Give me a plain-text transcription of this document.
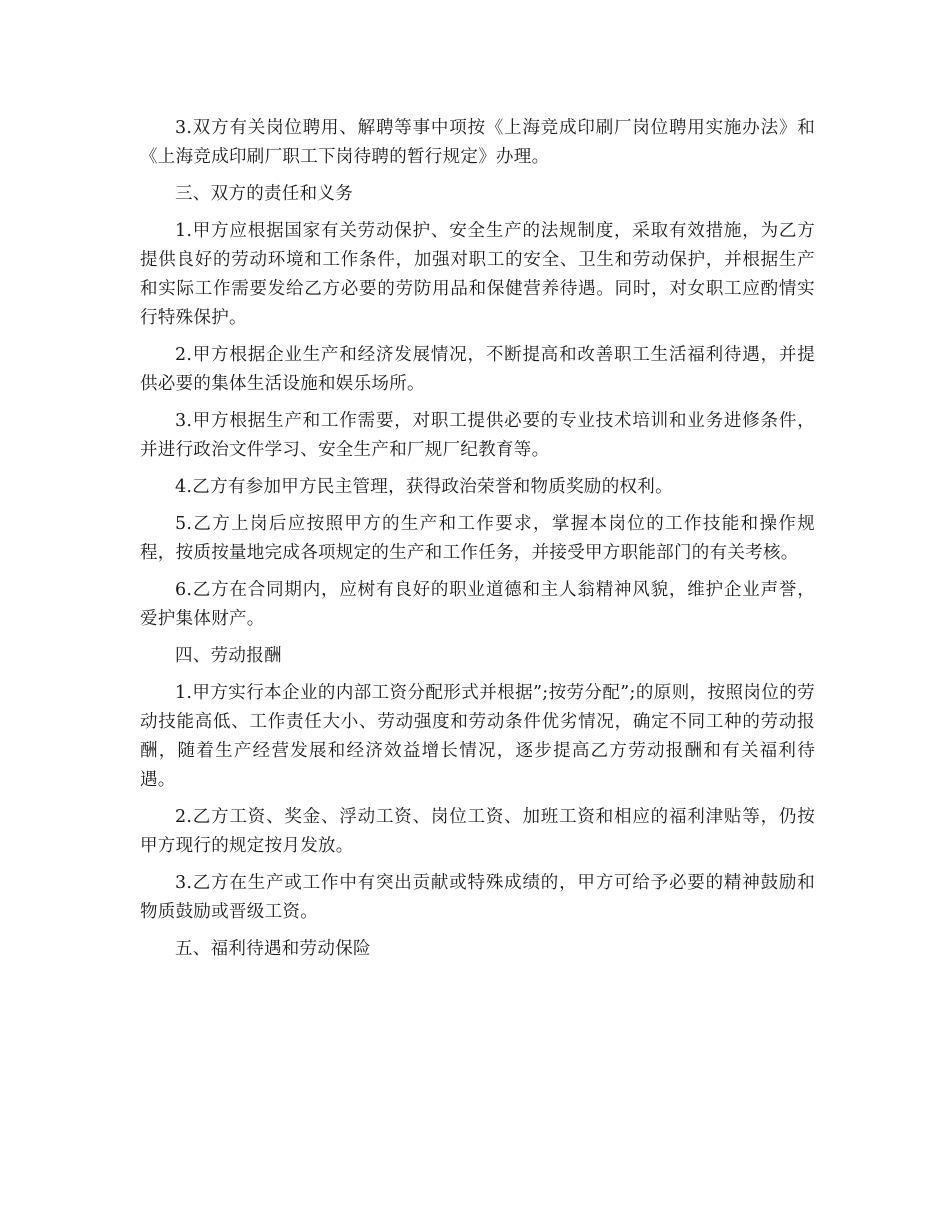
3.双方有关岗位聘用、解聘等事中项按《上海竞成印刷厂岗位聘用实施办法》和《上海竞成印刷厂职工下岗待聘的暂行规定》办理。

三、双方的责任和义务

1.甲方应根据国家有关劳动保护、安全生产的法规制度，采取有效措施，为乙方提供良好的劳动环境和工作条件，加强对职工的安全、卫生和劳动保护，并根据生产和实际工作需要发给乙方必要的劳防用品和保健营养待遇。同时，对女职工应酌情实行特殊保护。

2.甲方根据企业生产和经济发展情况，不断提高和改善职工生活福利待遇，并提供必要的集体生活设施和娱乐场所。

3.甲方根据生产和工作需要，对职工提供必要的专业技术培训和业务进修条件，并进行政治文件学习、安全生产和厂规厂纪教育等。

4.乙方有参加甲方民主管理，获得政治荣誉和物质奖励的权利。

5.乙方上岗后应按照甲方的生产和工作要求，掌握本岗位的工作技能和操作规程，按质按量地完成各项规定的生产和工作任务，并接受甲方职能部门的有关考核。

6.乙方在合同期内，应树有良好的职业道德和主人翁精神风貌，维护企业声誉，爱护集体财产。

四、劳动报酬

1.甲方实行本企业的内部工资分配形式并根据”;按劳分配”;的原则，按照岗位的劳动技能高低、工作责任大小、劳动强度和劳动条件优劣情况，确定不同工种的劳动报酬，随着生产经营发展和经济效益增长情况，逐步提高乙方劳动报酬和有关福利待遇。

2.乙方工资、奖金、浮动工资、岗位工资、加班工资和相应的福利津贴等，仍按甲方现行的规定按月发放。

3.乙方在生产或工作中有突出贡献或特殊成绩的，甲方可给予必要的精神鼓励和物质鼓励或晋级工资。

五、福利待遇和劳动保险
